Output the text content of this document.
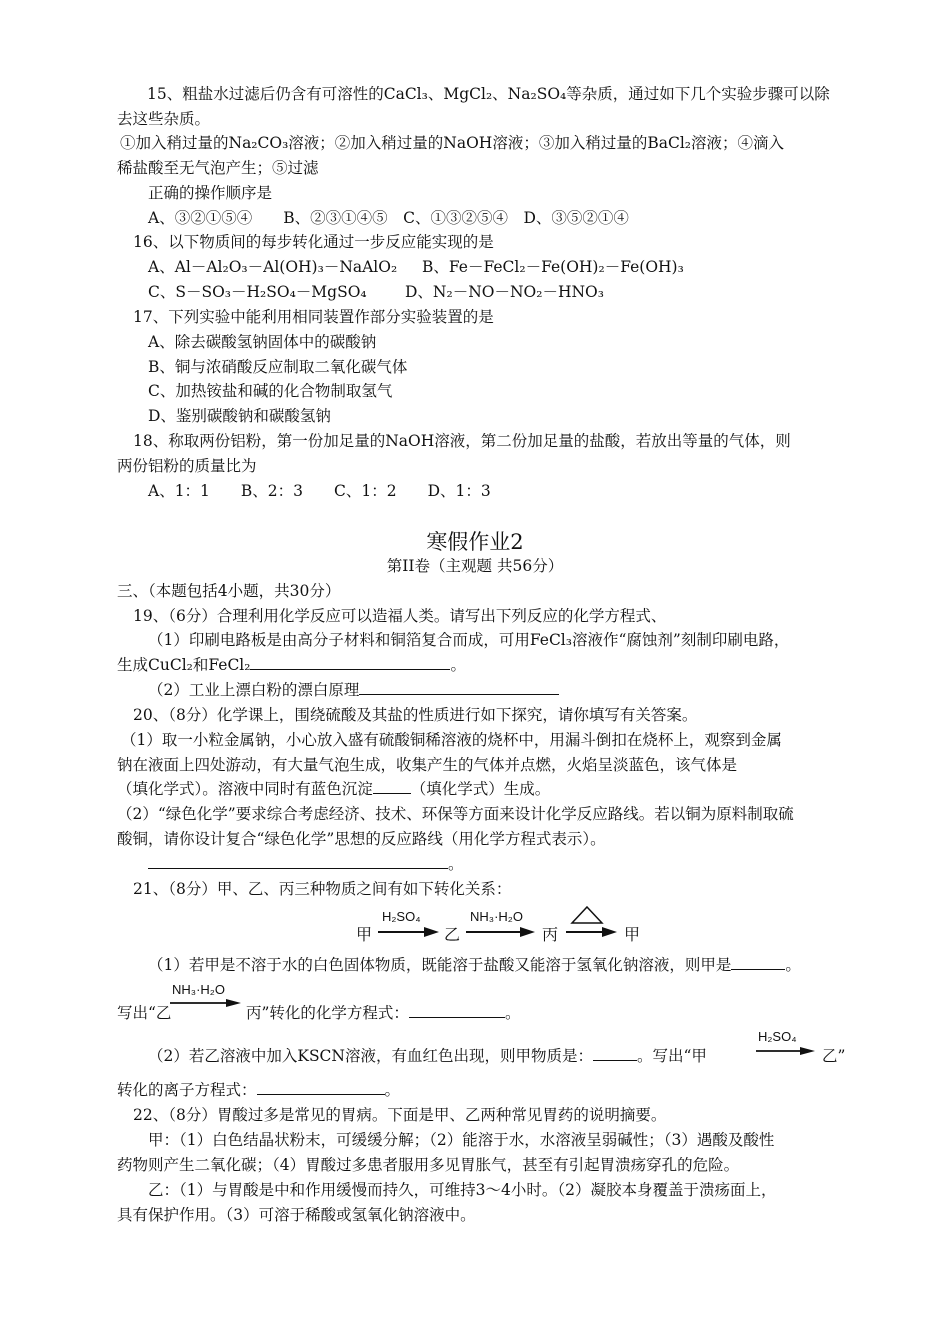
15、粗盐水过滤后仍含有可溶性的CaCl₃、MgCl₂、Na₂SO₄等杂质，通过如下几个实验步骤可以除
去这些杂质。
①加入稍过量的Na₂CO₃溶液；②加入稍过量的NaOH溶液；③加入稍过量的BaCl₂溶液；④滴入
稀盐酸至无气泡产生；⑤过滤
正确的操作顺序是
A、③②①⑤④　　B、②③①④⑤　C、①③②⑤④　D、③⑤②①④
16、以下物质间的每步转化通过一步反应能实现的是
A、Al－Al₂O₃－Al(OH)₃－NaAlO₂ B、Fe－FeCl₂－Fe(OH)₂－Fe(OH)₃
C、S－SO₃－H₂SO₄－MgSO₄ D、N₂－NO－NO₂－HNO₃
17、下列实验中能利用相同装置作部分实验装置的是
A、除去碳酸氢钠固体中的碳酸钠
B、铜与浓硝酸反应制取二氧化碳气体
C、加热铵盐和碱的化合物制取氢气
D、鉴别碳酸钠和碳酸氢钠
18、称取两份铝粉，第一份加足量的NaOH溶液，第二份加足量的盐酸，若放出等量的气体，则
两份铝粉的质量比为
A、1：1　　B、2：3　　C、1：2　　D、1：3
寒假作业2
第II卷（主观题 共56分）
三、（本题包括4小题，共30分）
19、（6分）合理利用化学反应可以造福人类。请写出下列反应的化学方程式、
（1）印刷电路板是由高分子材料和铜箔复合而成，可用FeCl₃溶液作“腐蚀剂”刻制印刷电路，
生成CuCl₂和FeCl₂	。
（2）工业上漂白粉的漂白原理
20、（8分）化学课上，围绕硫酸及其盐的性质进行如下探究，请你填写有关答案。
（1）取一小粒金属钠，小心放入盛有硫酸铜稀溶液的烧杯中，用漏斗倒扣在烧杯上，观察到金属
钠在液面上四处游动，有大量气泡生成，收集产生的气体并点燃，火焰呈淡蓝色，该气体是
（填化学式）。溶液中同时有蓝色沉淀 （填化学式）生成。
（2）“绿色化学”要求综合考虑经济、技术、环保等方面来设计化学反应路线。若以铜为原料制取硫
酸铜，请你设计复合“绿色化学”思想的反应路线（用化学方程式表示）。
。
21、（8分）甲、乙、丙三种物质之间有如下转化关系：
甲
H₂SO₄
乙
NH₃·H₂O
丙	甲
（1）若甲是不溶于水的白色固体物质，既能溶于盐酸又能溶于氢氧化钠溶液，则甲是	。
NH₃·H₂O
写出“乙	丙”转化的化学方程式：	。
H₂SO₄
（2）若乙溶液中加入KSCN溶液，有血红色出现，则甲物质是：	。写出“甲	乙”
转化的离子方程式：	。
22、（8分）胃酸过多是常见的胃病。下面是甲、乙两种常见胃药的说明摘要。
甲：（1）白色结晶状粉末，可缓缓分解；（2）能溶于水，水溶液呈弱碱性；（3）遇酸及酸性
药物则产生二氧化碳；（4）胃酸过多患者服用多见胃胀气，甚至有引起胃溃疡穿孔的危险。
乙：（1）与胃酸是中和作用缓慢而持久，可维持3～4小时。（2）凝胶本身覆盖于溃疡面上，
具有保护作用。（3）可溶于稀酸或氢氧化钠溶液中。
